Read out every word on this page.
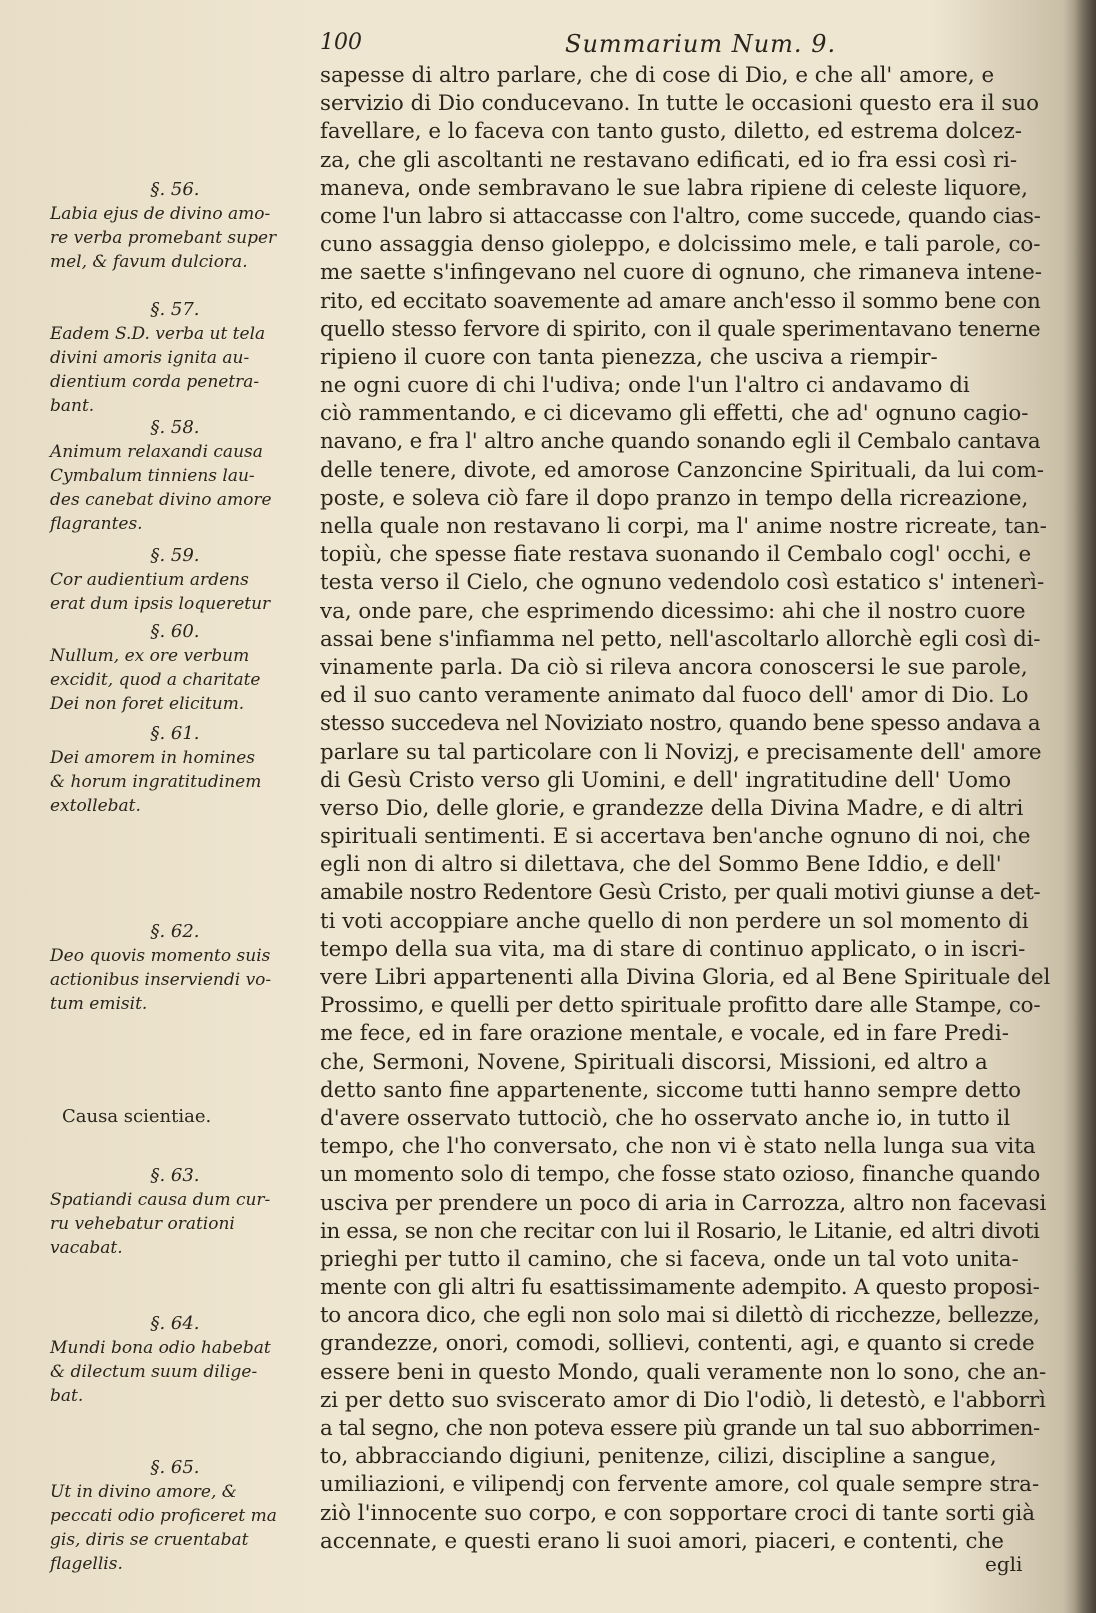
100	Summarium Num. 9.
§. 56.
Labia ejus de divino amo-
re verba promebant super
mel, & favum dulciora.
§. 57.
Eadem S.D. verba ut tela
divini amoris ignita au-
dientium corda penetra-
bant.
§. 58.
Animum relaxandi causa
Cymbalum tinniens lau-
des canebat divino amore
flagrantes.
§. 59.
Cor audientium ardens
erat dum ipsis loqueretur
§. 60.
Nullum, ex ore verbum
excidit, quod a charitate
Dei non foret elicitum.
§. 61.
Dei amorem in homines
& horum ingratitudinem
extollebat.
§. 62.
Deo quovis momento suis
actionibus inserviendi vo-
tum emisit.
Causa scientiae.
§. 63.
Spatiandi causa dum cur-
ru vehebatur orationi
vacabat.
§. 64.
Mundi bona odio habebat
& dilectum suum dilige-
bat.
§. 65.
Ut in divino amore, &
peccati odio proficeret ma
gis, diris se cruentabat
flagellis.
sapesse di altro parlare, che di cose di Dio, e che all' amore, e
servizio di Dio conducevano. In tutte le occasioni questo era il suo
favellare, e lo faceva con tanto gusto, diletto, ed estrema dolcez-
za, che gli ascoltanti ne restavano edificati, ed io fra essi così ri-
maneva, onde sembravano le sue labra ripiene di celeste liquore,
come l'un labro si attaccasse con l'altro, come succede, quando cias-
cuno assaggia denso gioleppo, e dolcissimo mele, e tali parole, co-
me saette s'infingevano nel cuore di ognuno, che rimaneva intene-
rito, ed eccitato soavemente ad amare anch'esso il sommo bene con
quello stesso fervore di spirito, con il quale sperimentavano tenerne
ripieno il cuore con tanta pienezza, che usciva a riempir-
ne ogni cuore di chi l'udiva; onde l'un l'altro ci andavamo di
ciò rammentando, e ci dicevamo gli effetti, che ad' ognuno cagio-
navano, e fra l' altro anche quando sonando egli il Cembalo cantava
delle tenere, divote, ed amorose Canzoncine Spirituali, da lui com-
poste, e soleva ciò fare il dopo pranzo in tempo della ricreazione,
nella quale non restavano li corpi, ma l' anime nostre ricreate, tan-
topiù, che spesse fiate restava suonando il Cembalo cogl' occhi, e
testa verso il Cielo, che ognuno vedendolo così estatico s' intenerì-
va, onde pare, che esprimendo dicessimo: ahi che il nostro cuore
assai bene s'infiamma nel petto, nell'ascoltarlo allorchè egli così di-
vinamente parla. Da ciò si rileva ancora conoscersi le sue parole,
ed il suo canto veramente animato dal fuoco dell' amor di Dio. Lo
stesso succedeva nel Noviziato nostro, quando bene spesso andava a
parlare su tal particolare con li Novizj, e precisamente dell' amore
di Gesù Cristo verso gli Uomini, e dell' ingratitudine dell' Uomo
verso Dio, delle glorie, e grandezze della Divina Madre, e di altri
spirituali sentimenti. E si accertava ben'anche ognuno di noi, che
egli non di altro si dilettava, che del Sommo Bene Iddio, e dell'
amabile nostro Redentore Gesù Cristo, per quali motivi giunse a det-
ti voti accoppiare anche quello di non perdere un sol momento di
tempo della sua vita, ma di stare di continuo applicato, o in iscri-
vere Libri appartenenti alla Divina Gloria, ed al Bene Spirituale del
Prossimo, e quelli per detto spirituale profitto dare alle Stampe, co-
me fece, ed in fare orazione mentale, e vocale, ed in fare Predi-
che, Sermoni, Novene, Spirituali discorsi, Missioni, ed altro a
detto santo fine appartenente, siccome tutti hanno sempre detto
d'avere osservato tuttociò, che ho osservato anche io, in tutto il
tempo, che l'ho conversato, che non vi è stato nella lunga sua vita
un momento solo di tempo, che fosse stato ozioso, finanche quando
usciva per prendere un poco di aria in Carrozza, altro non facevasi
in essa, se non che recitar con lui il Rosario, le Litanie, ed altri divoti
prieghi per tutto il camino, che si faceva, onde un tal voto unita-
mente con gli altri fu esattissimamente adempito. A questo proposi-
to ancora dico, che egli non solo mai si dilettò di ricchezze, bellezze,
grandezze, onori, comodi, sollievi, contenti, agi, e quanto si crede
essere beni in questo Mondo, quali veramente non lo sono, che an-
zi per detto suo sviscerato amor di Dio l'odiò, li detestò, e l'abborrì
a tal segno, che non poteva essere più grande un tal suo abborrimen-
to, abbracciando digiuni, penitenze, cilizi, discipline a sangue,
umiliazioni, e vilipendj con fervente amore, col quale sempre stra-
ziò l'innocente suo corpo, e con sopportare croci di tante sorti già
accennate, e questi erano li suoi amori, piaceri, e contenti, che
egli
